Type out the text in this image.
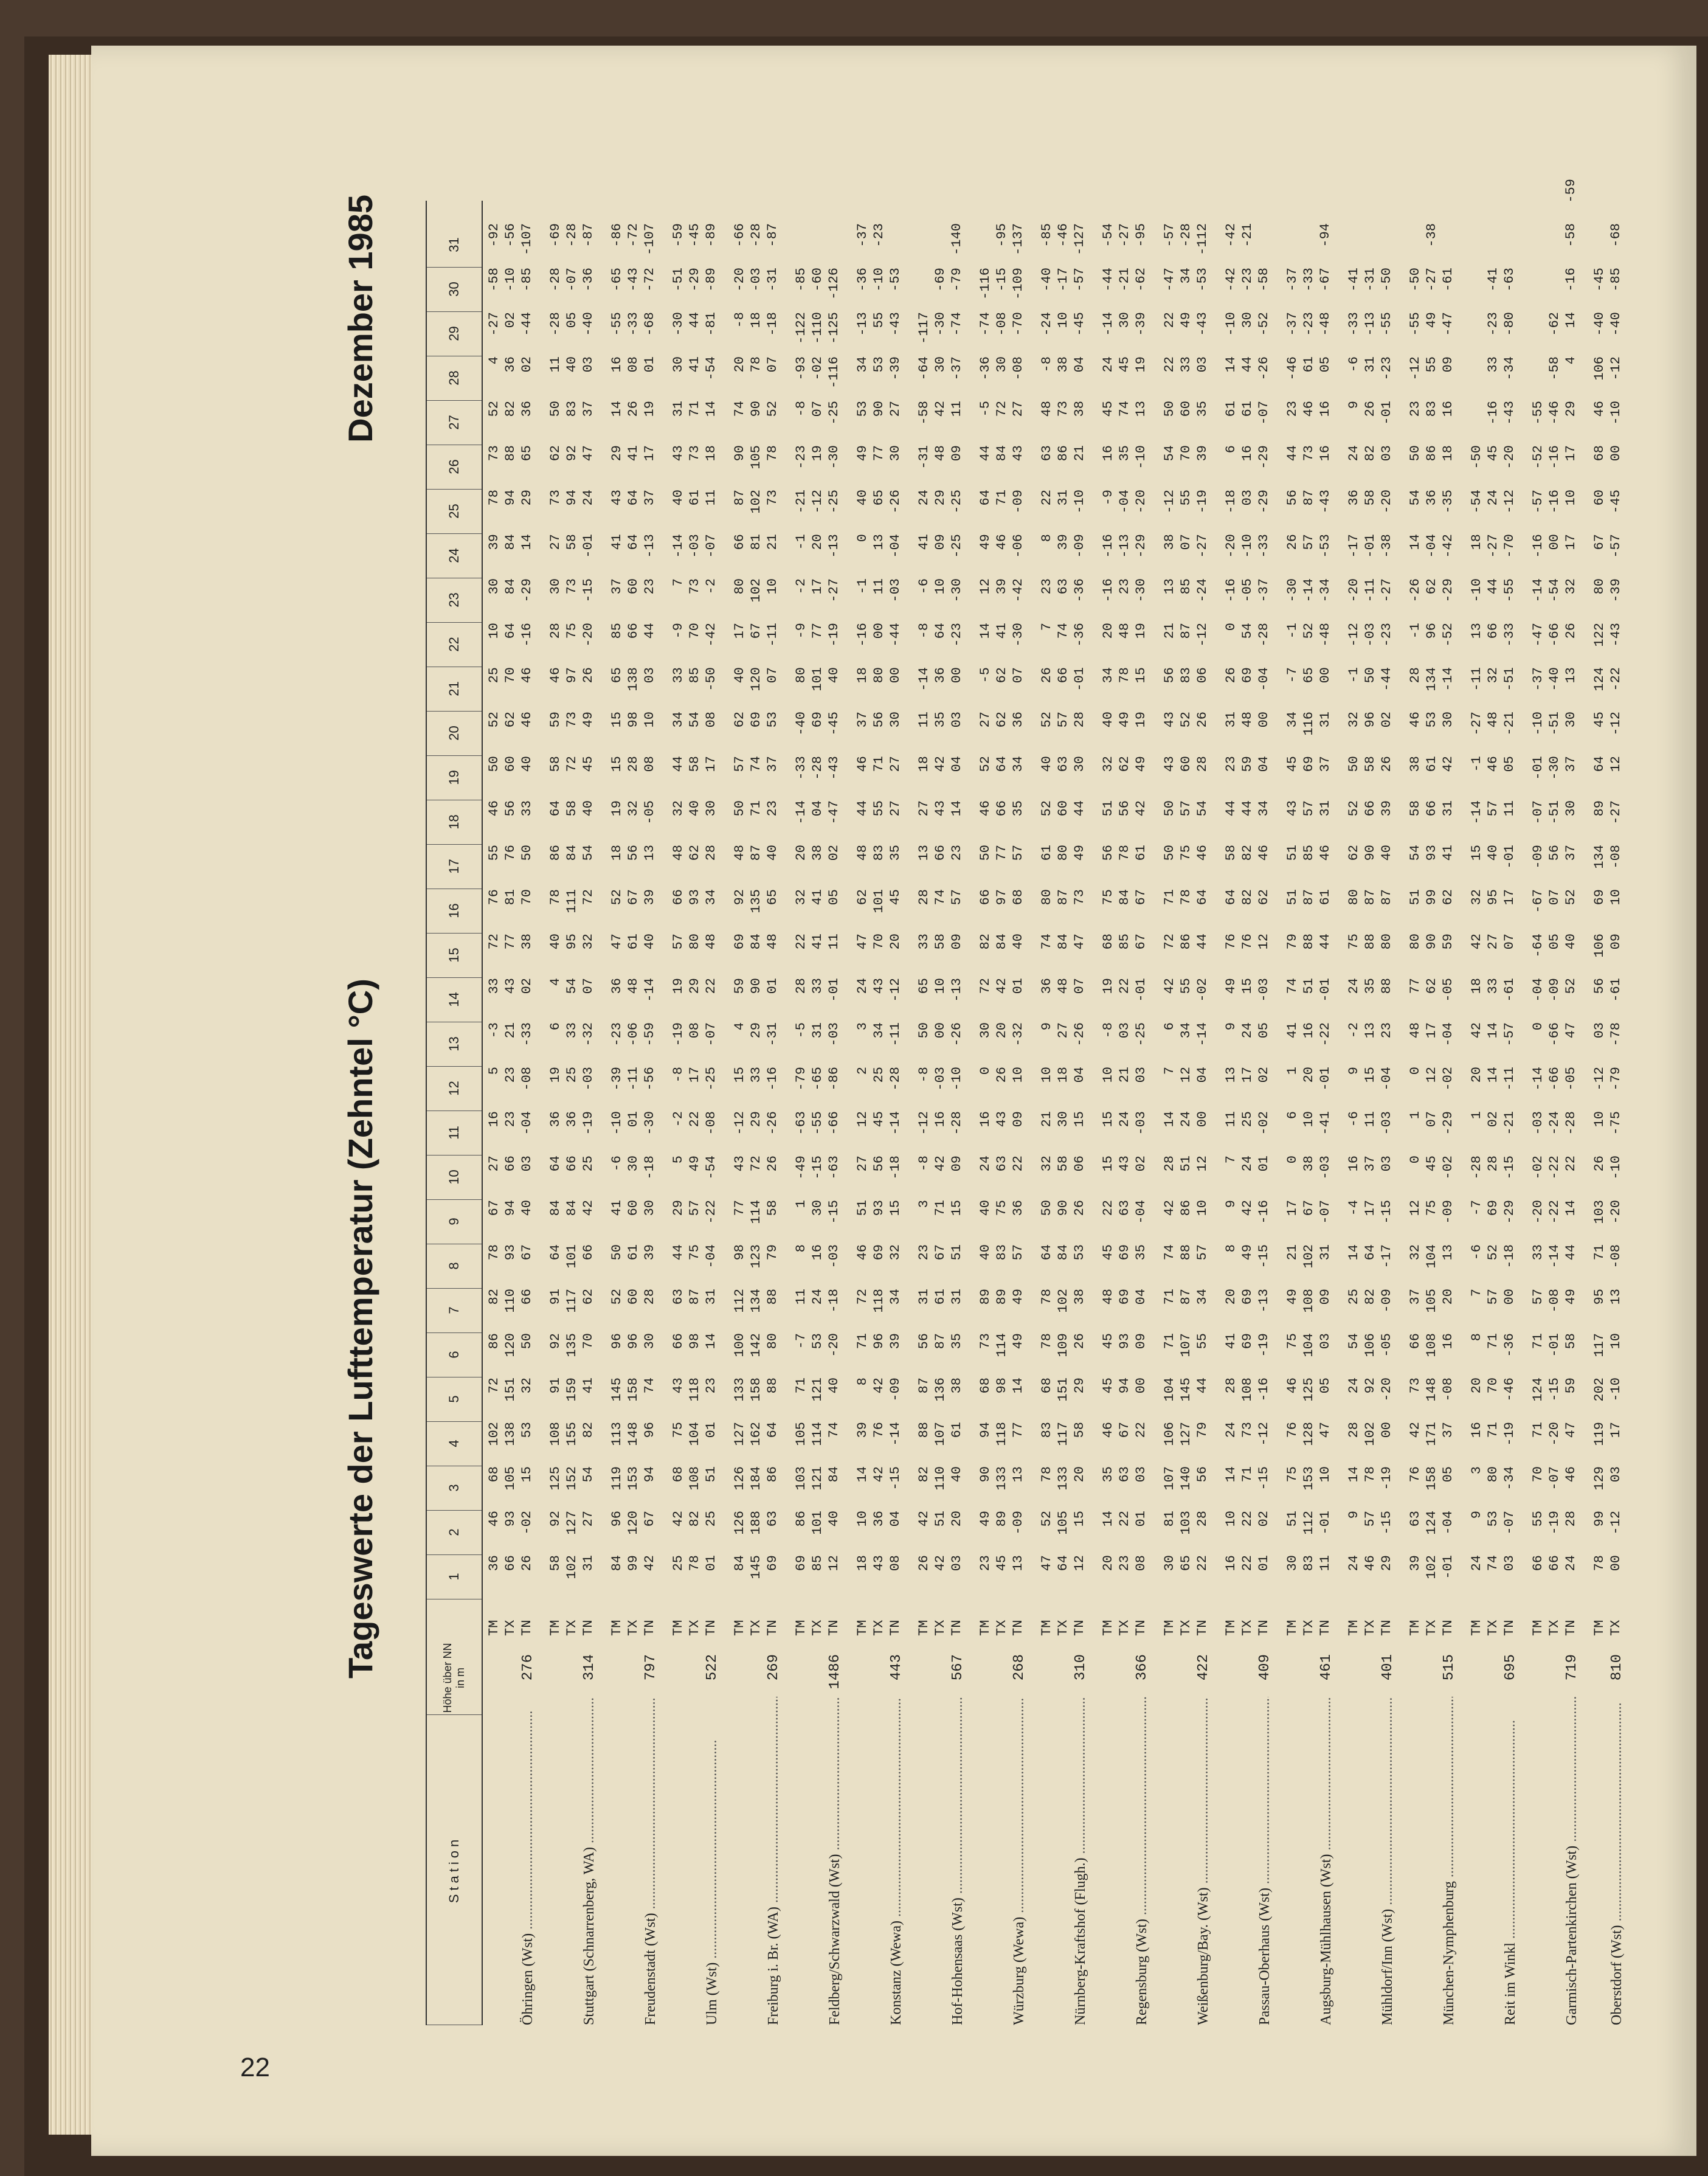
22
Tageswerte der Lufttemperatur (Zehntel °C)
Dezember 1985
Station
Höhe über NN in m
1
2
3
4
5
6
7
8
9
10
11
12
13
14
15
16
17
18
19
20
21
22
23
24
25
26
27
28
29
30
31
Öhringen (Wst) .....
276
TM364668102728682786727165-333727655465052251030397873524-27-58-92
TX669310513815112011093946623232143778176566062706484849488823602-10-56
TN26-021553325066674003-04-08-330238705033404646-16-291429653602-44-85-107
Stuttgart (Schnarrenberg, WA) .....
314
TM58921251089192916484643619644078866458594628302773625011-28-28-69
TX1021271521551591351171018466362533549511184587273977573589492834005-07-28
TN31275482417062664225-19-03-320732725440454926-20-15-0124473703-40-36-87
Freudenstadt (Wst) .....
797
TM849611911314596525041-6-10-39-23364752181915156585374143291416-55-65-86
TX99120153148158966061603001-11-064861675632289813866606464412608-33-43-72
TN426794967430283930-18-30-56-59-14403913-050810034423-1337171901-68-72-107
Ulm (Wst) .....
522
TM2542687543666344295-2-8-191957664832443433-97-1440433130-30-51-59
TX7882108104118988775574922170829809362405854857073-036173714144-29-45
TN01255101231431-04-22-54-08-25-0722483428301708-50-42-2-07111814-54-81-89-89
Freiburg i. Br. (WA) .....
269
TM84126126127133100112987743-12154596992485057624017806687907420-8-20-66
TX145188184162158142134123114722933299084135877174691206710281102105907818-03-28
TN69638664888088795826-26-16-310148654023375307-11102173785207-18-31-87
Feldberg/Schwarzwald (Wst) .....
1486
TM698610310571-71181-49-63-79-528223220-14-33-4080-9-2-1-21-23-8-93-122-85
TX8510112111412153241630-15-55-65313341413804-2869101771720-121907-02-110-60
TN1240847440-20-18-03-15-63-66-86-03-01110502-47-43-4540-19-27-13-25-30-25-116-125-126
Konstanz (Wewa) .....
443
TM181014398717246512712232447624844463718-16-1040495334-13-36-37
TX433642764296118699356452534437010183557156800011136577905355-10-23
TN0804-15-14-0939343215-18-14-28-11-1220453527273000-44-03-04-263027-39-43-53
Hof-Hohensaas (Wst) .....
567
TM26428288875631233-8-12-85065332813271811-14-8-64124-31-58-64-117
TX4251110107136876167714216-0300105874664342353664100929484230-30-69
TN03204061383531511509-28-10-26-1309572314040300-23-30-25-250911-37-74-79-140
Würzburg (Wewa) .....
268
TM234990946873894040241603072826650465227-51412496444-5-36-74-116
TX45891331189811489837563432620428497776664626241394671847230-08-15-95
TN13-0913771449495736220910-320140685735343607-30-42-06-094327-08-70-109-137
Nürnberg-Kraftshof (Flugh.) .....
310
TM475278836878786450322110936748061524052267238226348-8-24-40-85
TX6410513311715110910284905830182748848780606357667463393186733810-17-46
TN121520582926385326061504-2607477349443028-01-36-36-09-10213804-45-57-127
Regensburg (Wst) .....
366
TM201435464545484522151510-8196875565132403420-16-16-9164524-14-44-54
TX2322636794936969634324210322858478566249784823-13-0435744530-21-27
TN0801032200090435-0402-0303-25-016767614249191519-30-29-20-101319-39-62-95
Weißenburg/Bay. (Wst) .....
422
TM3081107106104717174422814764272715050434356211338-1254502222-47-57
TX65103140127145107878886512412345586787557605283878507557060334934-28
TN222856794455345710120004-14-0244644654282606-12-24-27-19393503-43-53-112
Passau-Oberhaus (Wst) .....
409
TM161014242841208971113949766458442331260-16-20-1866114-10-42-42
TX222271731086969494224251724157682824459486954-05-100316614430-23-21
TN0102-15-12-16-19-13-15-1601-020205-03126246340400-04-28-37-33-29-29-07-26-52-58
Augsburg-Mühlhausen (Wst) .....
461
TM3051757646754921170614174795151434534-7-1-3026564423-46-37-37
TX8311215312812510410810267381020165188878557691166552-145787734661-23-33
TN11-01104705030931-07-03-41-01-22-0144614631373100-48-34-53-43161605-48-67-94
Mühldorf/Inn (Wst) .....
401
TM249142824542514-416-69-224758062525032-1-12-20-1736249-6-33-41
TX46577810292106826417371115133588879066589650-03-11-0158822631-13-31
TN29-15-1900-20-05-09-17-1503-03-042388808740392602-44-23-27-38-2003-01-23-55-50
München-Nymphenburg .....
515
TM396376427366373212010487780515458384628-1-2614545023-12-55-50
TX1021241581711481081051047545071217629099936661531349662-043686835549-27-38
TN-01-040537-08162013-09-02-29-02-04-05596241314230-14-52-29-42-35181609-47-61
Reit im Winkl .....
695
TM2493162087-6-7-281204218423215-14-1-27-1113-1018-54-50
TX7453807170715752692802141433279540574648326644-272445-1633-23-41
TN03-07-34-19-46-3600-18-29-15-21-11-57-610717-011105-21-51-33-55-70-12-20-43-34-80-63
Garmisch-Partenkirchen (Wst) .....
719
TM66557071124715733-20-02-03-140-04-64-67-09-07-01-10-37-47-14-16-57-52-55
TX66-19-07-20-15-01-08-14-22-22-24-66-66-09050756-51-30-51-40-66-5400-16-16-46-58-62
TN24284647595849441422-28-05475240523730373013263217101729414-16-58-59
Oberstdorf (Wst) .....
810
TM789912911920211795711032610-120356106691348964451241228067606846106-40-45
TX00-120317-101013-08-20-10-75-79-78-610910-08-2712-12-22-43-39-57-4500-10-12-40-85-68
